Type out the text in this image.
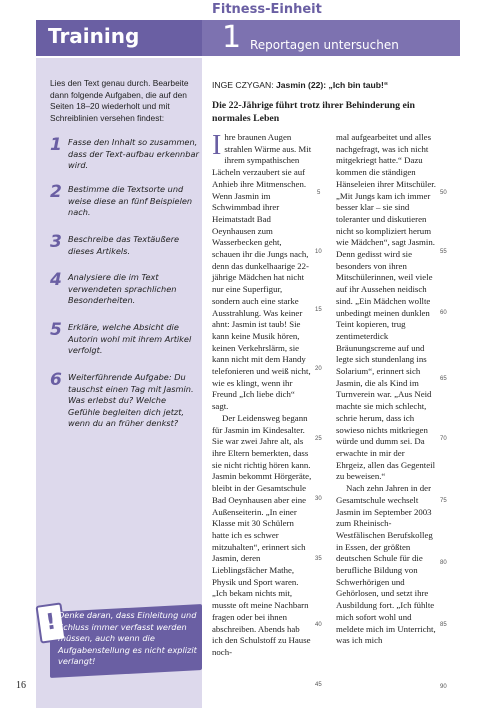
Fitness-Einheit
Training	1 Reportagen untersuchen
Lies den Text genau durch. Bearbeite dann folgende Aufgaben, die auf den Seiten 18–20 wiederholt und mit Schreiblinien versehen findest:
1 Fasse den Inhalt so zusammen, dass der Text-aufbau erkennbar wird.
2 Bestimme die Textsorte und weise diese an fünf Beispielen nach.
3 Beschreibe das Textäußere dieses Artikels.
4 Analysiere die im Text verwendeten sprachlichen Besonderheiten.
5 Erkläre, welche Absicht die Autorin wohl mit ihrem Artikel verfolgt.
6 Weiterführende Aufgabe: Du tauschst einen Tag mit Jasmin. Was erlebst du? Welche Gefühle begleiten dich jetzt, wenn du an früher denkst?
! Denke daran, dass Einleitung und Schluss immer verfasst werden müssen, auch wenn die Aufgabenstellung es nicht explizit verlangt!
16
INGE CZYGAN: Jasmin (22): „Ich bin taub!“
Die 22-Jährige führt trotz ihrer Behinderung ein normales Leben

Ihre braunen Augen strahlen Wärme aus. Mit ihrem sympathischen Lächeln verzaubert sie auf Anhieb ihre Mitmenschen. Wenn Jasmin im Schwimmbad ihrer Heimatstadt Bad Oeynhausen zum Wasserbecken geht, schauen ihr die Jungs nach, denn das dunkelhaarige 22-jährige Mädchen hat nicht nur eine Superfigur, sondern auch eine starke Ausstrahlung. Was keiner ahnt: Jasmin ist taub! Sie kann keine Musik hören, keinen Verkehrslärm, sie kann nicht mit dem Handy telefonieren und weiß nicht, wie es klingt, wenn ihr Freund „Ich liebe dich“ sagt.

Der Leidensweg begann für Jasmin im Kindesalter. Sie war zwei Jahre alt, als ihre Eltern bemerkten, dass sie nicht richtig hören kann. Jasmin bekommt Hörgeräte, bleibt in der Gesamtschule Bad Oeynhausen aber eine Außenseiterin. „In einer Klasse mit 30 Schülern hatte ich es schwer mitzuhalten“, erinnert sich Jasmin, deren Lieblingsfächer Mathe, Physik und Sport waren. „Ich bekam nichts mit, musste oft meine Nachbarn fragen oder bei ihnen abschreiben. Abends hab ich den Schulstoff zu Hause noch-

mal aufgearbeitet und alles nachgefragt, was ich nicht mitgekriegt hatte.“ Dazu kommen die ständigen Hänseleien ihrer Mitschüler. „Mit Jungs kam ich immer besser klar – sie sind toleranter und diskutieren nicht so kompliziert herum wie Mädchen“, sagt Jasmin. Denn gedisst wird sie besonders von ihren Mitschülerinnen, weil viele auf ihr Aussehen neidisch sind. „Ein Mädchen wollte unbedingt meinen dunklen Teint kopieren, trug zentimeterdick Bräunungscreme auf und legte sich stundenlang ins Solarium“, erinnert sich Jasmin, die als Kind im Turnverein war. „Aus Neid machte sie mich schlecht, schrie herum, dass ich sowieso nichts mitkriegen würde und dumm sei. Da erwachte in mir der Ehrgeiz, allen das Gegenteil zu beweisen.“

Nach zehn Jahren in der Gesamtschule wechselt Jasmin im September 2003 zum Rheinisch-Westfälischen Berufskolleg in Essen, der größten deutschen Schule für die berufliche Bildung von Schwerhörigen und Gehörlosen, und setzt ihre Ausbildung fort. „Ich fühlte mich sofort wohl und meldete mich im Unterricht, was ich mich

5
10
15
20
25
30
35
40
45
50
55
60
65
70
75
80
85
90
